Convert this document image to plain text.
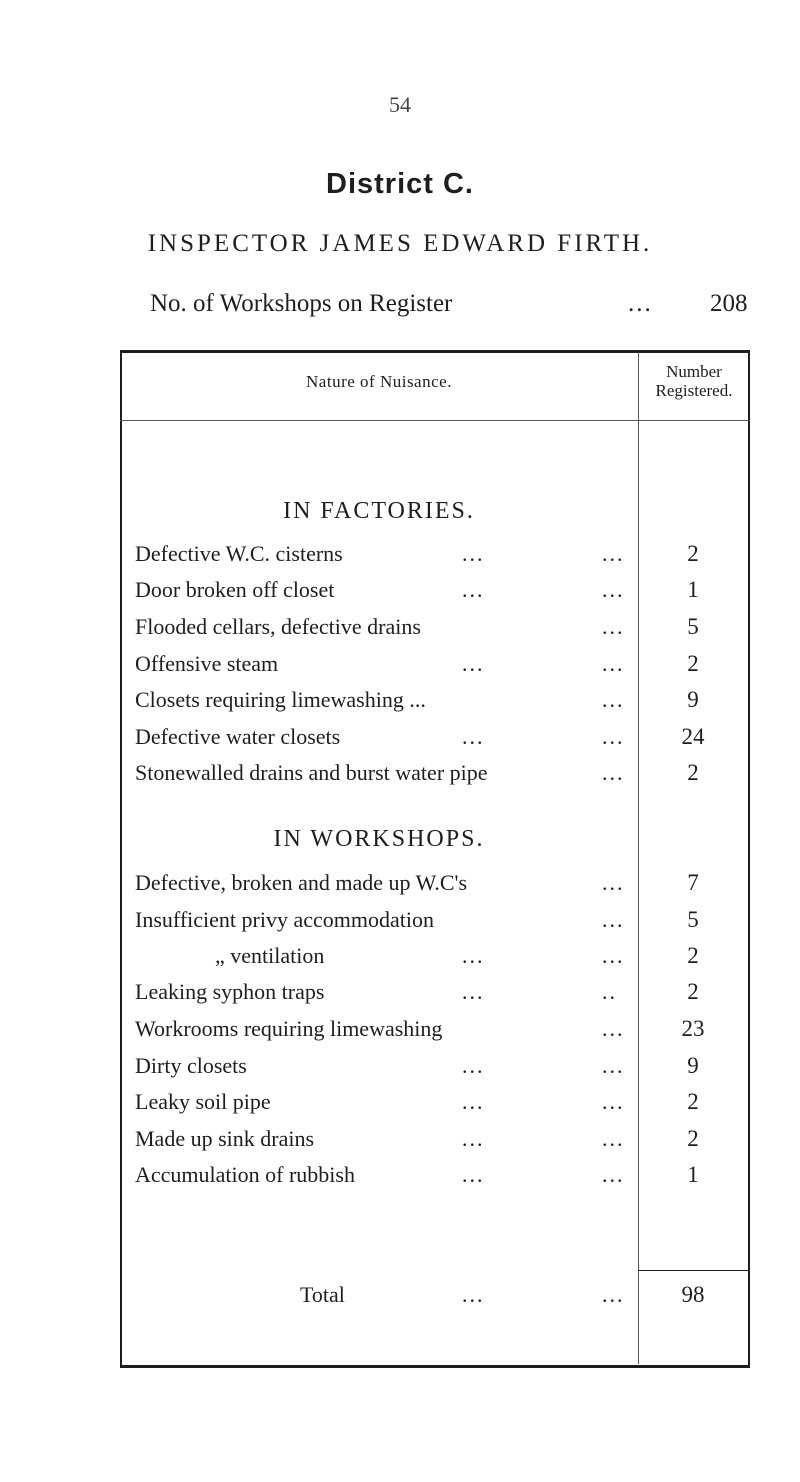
54
District C.
INSPECTOR JAMES EDWARD FIRTH.
No. of Workshops on Register	... 208
Nature of Nuisance.
Number
Registered.
IN FACTORIES.
Defective W.C. cisterns	...	...	2
Door broken off closet	...	...	1
Flooded cellars, defective drains	...	5
Offensive steam	...	...	2
Closets requiring limewashing ...	...	9
Defective water closets	...	...	24
Stonewalled drains and burst water pipe	...	2
IN WORKSHOPS.
Defective, broken and made up W.C's	...	7
Insufficient privy accommodation	...	5
„ ventilation	...	...	2
Leaking syphon traps	...	..	2
Workrooms requiring limewashing	...	23
Dirty closets	...	...	9
Leaky soil pipe	...	...	2
Made up sink drains	...	...	2
Accumulation of rubbish	...	...	1
Total	...	...	98
